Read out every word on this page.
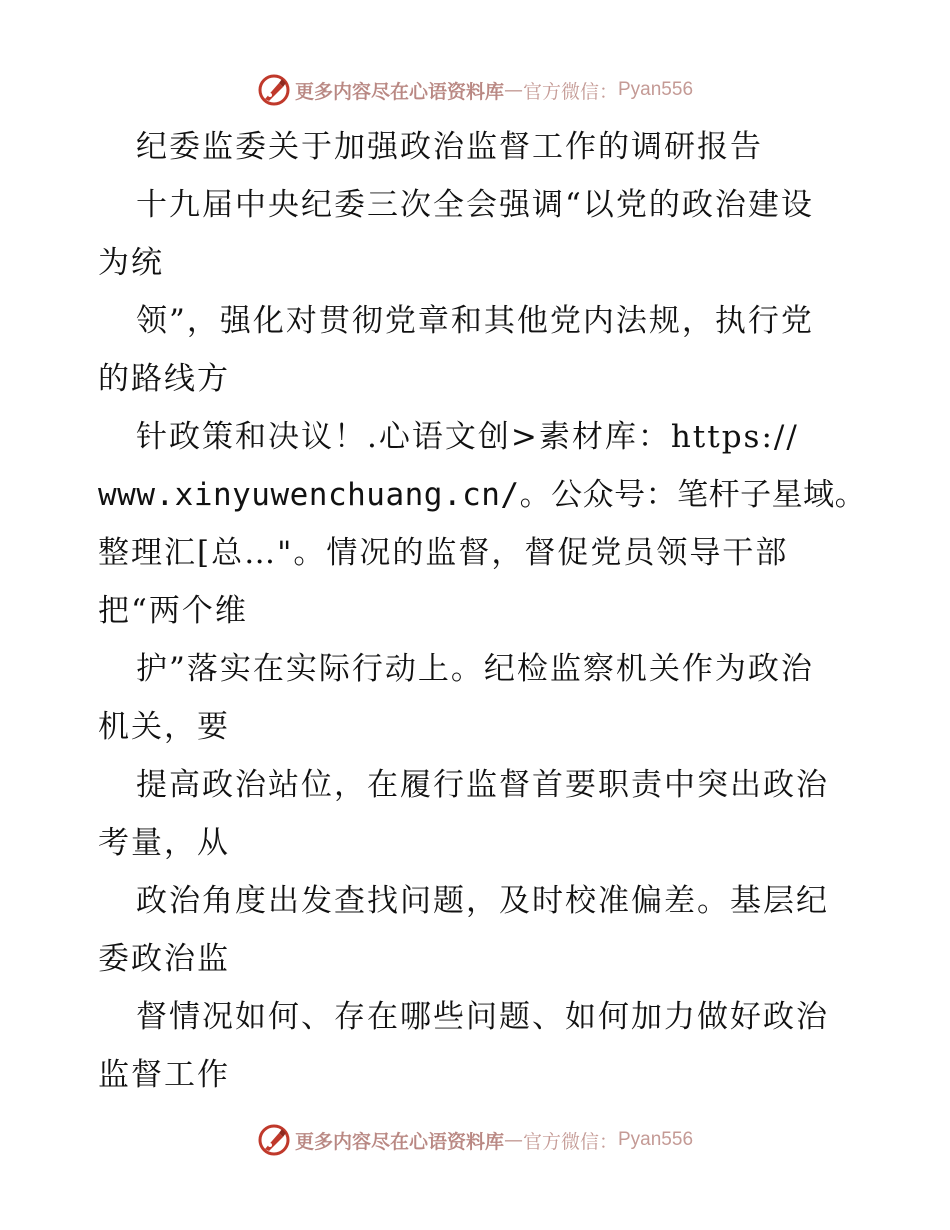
更多内容尽在心语资料库 — 官方微信： Pyan556
纪委监委关于加强政治监督工作的调研报告
十九届中央纪委三次全会强调“以党的政治建设
为统
领”，强化对贯彻党章和其他党内法规，执行党
的路线方
针政策和决议！.心语文创>素材库：https://
www.xinyuwenchuang.cn/。公众号：笔杆子星域。
整理汇[总…"。情况的监督，督促党员领导干部
把“两个维
护”落实在实际行动上。纪检监察机关作为政治
机关，要
提高政治站位，在履行监督首要职责中突出政治
考量，从
政治角度出发查找问题，及时校准偏差。基层纪
委政治监
督情况如何、存在哪些问题、如何加力做好政治
监督工作
更多内容尽在心语资料库 — 官方微信： Pyan556
